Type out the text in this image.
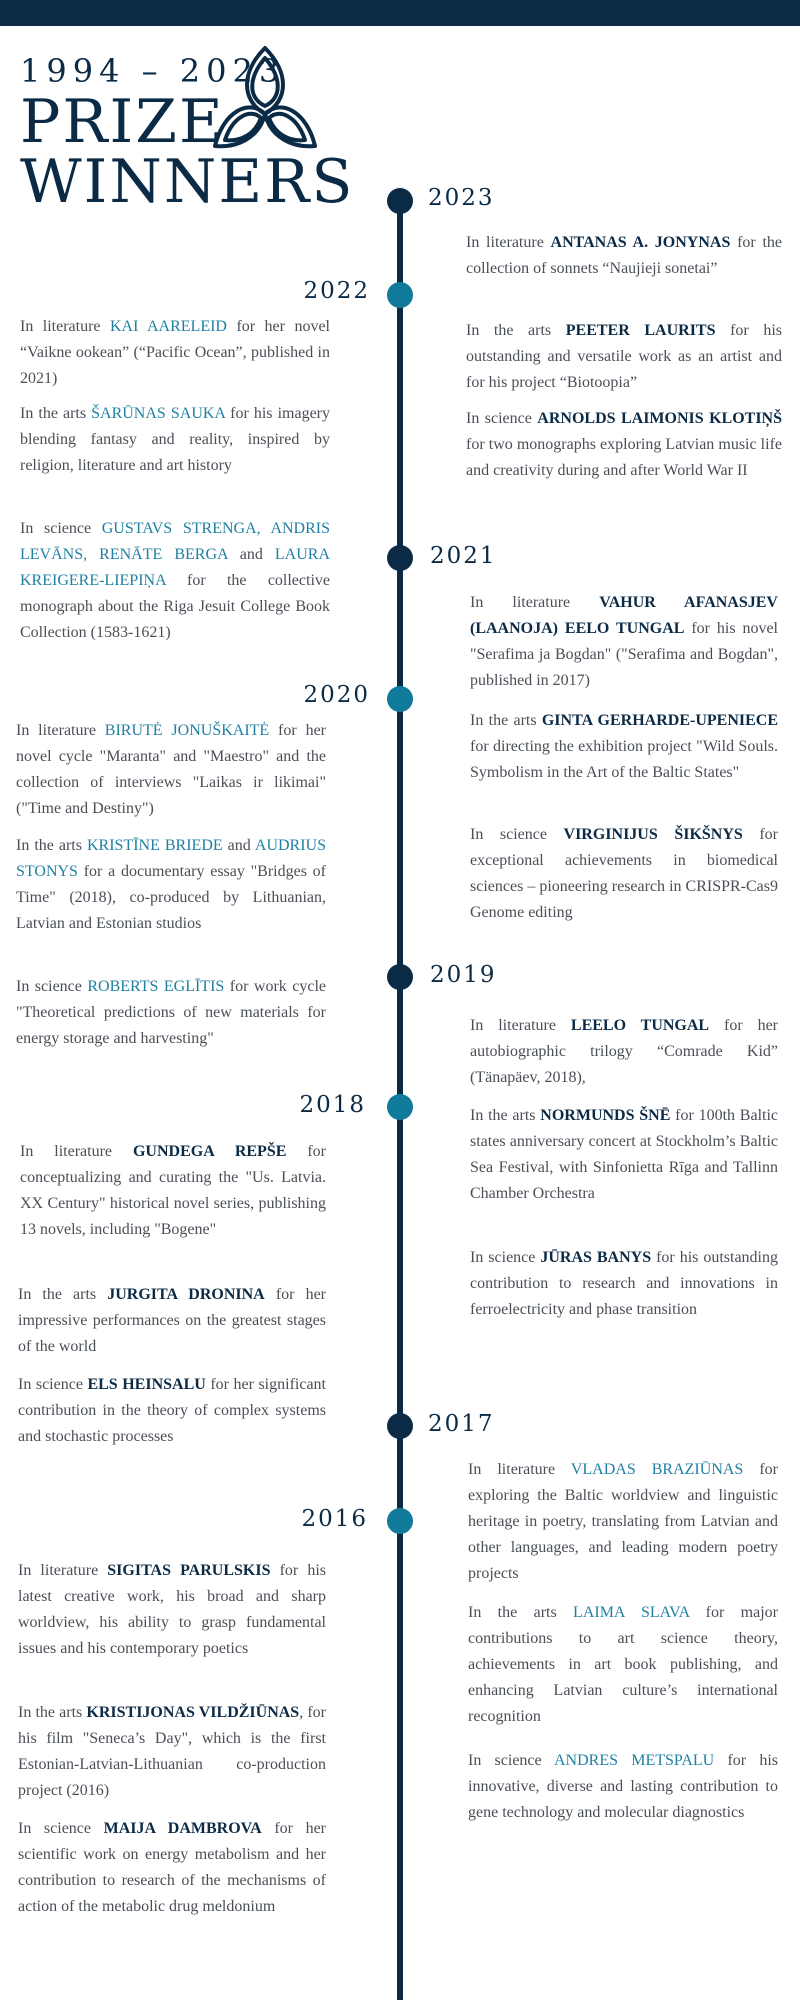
1994 – 2023
PRIZE
WINNERS	2023
2022
2021
2020
2019
2018
2017
2016

In literature ANTANAS A. JONYNAS for the collection of sonnets “Naujieji sonetai”

In the arts PEETER LAURITS for his outstanding and versatile work as an artist and for his project “Biotoopia”

In science ARNOLDS LAIMONIS KLOTIŅŠ for two monographs exploring Latvian music life and creativity during and after World War II

In literature KAI AARELEID for her novel “Vaikne ookean” (“Pacific Ocean”, published in 2021)

In the arts ŠARŪNAS SAUKA for his imagery blending fantasy and reality, inspired by religion, literature and art history

In science GUSTAVS STRENGA, ANDRIS LEVĀNS, RENĀTE BERGA and LAURA KREIGERE-LIEPIŅA for the collective monograph about the Riga Jesuit College Book Collection (1583-1621)

In literature VAHUR AFANASJEV (LAANOJA) EELO TUNGAL for his novel "Serafima ja Bogdan" ("Serafima and Bogdan", published in 2017)

In the arts GINTA GERHARDE-UPENIECE for directing the exhibition project "Wild Souls. Symbolism in the Art of the Baltic States"

In science VIRGINIJUS ŠIKŠNYS for exceptional achievements in biomedical sciences – pioneering research in CRISPR-Cas9 Genome editing

In literature BIRUTĖ JONUŠKAITĖ for her novel cycle "Maranta" and "Maestro" and the collection of interviews "Laikas ir likimai" ("Time and Destiny")

In the arts KRISTĪNE BRIEDE and AUDRIUS STONYS for a documentary essay "Bridges of Time" (2018), co-produced by Lithuanian, Latvian and Estonian studios

In science ROBERTS EGLĪTIS for work cycle "Theoretical predictions of new materials for energy storage and harvesting"

In literature LEELO TUNGAL for her autobiographic trilogy “Comrade Kid” (Tänapäev, 2018),

In the arts NORMUNDS ŠNĒ for 100th Baltic states anniversary concert at Stockholm’s Baltic Sea Festival, with Sinfonietta Rīga and Tallinn Chamber Orchestra

In science JŪRAS BANYS for his outstanding contribution to research and innovations in ferroelectricity and phase transition

In literature GUNDEGA REPŠE for conceptualizing and curating the "Us. Latvia. XX Century" historical novel series, publishing 13 novels, including "Bogene"

In the arts JURGITA DRONINA for her impressive performances on the greatest stages of the world

In science ELS HEINSALU for her significant contribution in the theory of complex systems and stochastic processes

In literature VLADAS BRAZIŪNAS for exploring the Baltic worldview and linguistic heritage in poetry, translating from Latvian and other languages, and leading modern poetry projects

In the arts LAIMA SLAVA for major contributions to art science theory, achievements in art book publishing, and enhancing Latvian culture’s international recognition

In science ANDRES METSPALU for his innovative, diverse and lasting contribution to gene technology and molecular diagnostics

In literature SIGITAS PARULSKIS for his latest creative work, his broad and sharp worldview, his ability to grasp fundamental issues and his contemporary poetics

In the arts KRISTIJONAS VILDŽIŪNAS, for his film "Seneca’s Day", which is the first Estonian-Latvian-Lithuanian co-production project (2016)

In science MAIJA DAMBROVA for her scientific work on energy metabolism and her contribution to research of the mechanisms of action of the metabolic drug meldonium
